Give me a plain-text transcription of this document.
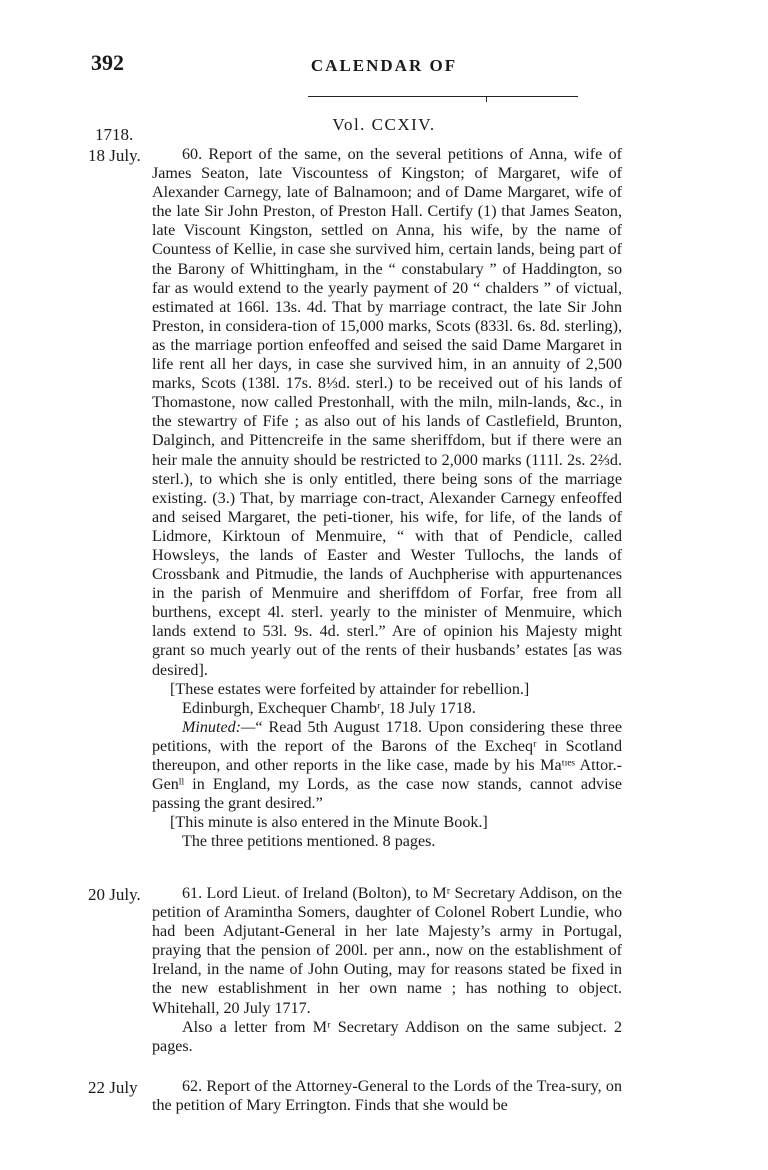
392	CALENDAR OF
Vol. CCXIV.
1718.
18 July.	60. Report of the same, on the several petitions of Anna, wife of James Seaton, late Viscountess of Kingston; of Margaret, wife of Alexander Carnegy, late of Balnamoon; and of Dame Margaret, wife of the late Sir John Preston, of Preston Hall. Certify (1) that James Seaton, late Viscount Kingston, settled on Anna, his wife, by the name of Countess of Kellie, in case she survived him, certain lands, being part of the Barony of Whittingham, in the “ constabulary ” of Haddington, so far as would extend to the yearly payment of 20 “ chalders ” of victual, estimated at 166l. 13s. 4d. That by marriage contract, the late Sir John Preston, in considera-tion of 15,000 marks, Scots (833l. 6s. 8d. sterling), as the marriage portion enfeoffed and seised the said Dame Margaret in life rent all her days, in case she survived him, in an annuity of 2,500 marks, Scots (138l. 17s. 8⅓d. sterl.) to be received out of his lands of Thomastone, now called Prestonhall, with the miln, miln-lands, &c., in the stewartry of Fife ; as also out of his lands of Castlefield, Brunton, Dalginch, and Pittencreife in the same sheriffdom, but if there were an heir male the annuity should be restricted to 2,000 marks (111l. 2s. 2⅔d. sterl.), to which she is only entitled, there being sons of the marriage existing. (3.) That, by marriage con-tract, Alexander Carnegy enfeoffed and seised Margaret, the peti-tioner, his wife, for life, of the lands of Lidmore, Kirktoun of Menmuire, “ with that of Pendicle, called Howsleys, the lands of Easter and Wester Tullochs, the lands of Crossbank and Pitmudie, the lands of Auchpherise with appurtenances in the parish of Menmuire and sheriffdom of Forfar, free from all burthens, except 4l. sterl. yearly to the minister of Menmuire, which lands extend to 53l. 9s. 4d. sterl.” Are of opinion his Majesty might grant so much yearly out of the rents of their husbands’ estates [as was desired].

[These estates were forfeited by attainder for rebellion.]

Edinburgh, Exchequer Chambʳ, 18 July 1718.

Minuted:—“ Read 5th August 1718. Upon considering these three petitions, with the report of the Barons of the Excheqʳ in Scotland thereupon, and other reports in the like case, made by his Maᵗᶦᵉˢ Attor.-Genˡˡ in England, my Lords, as the case now stands, cannot advise passing the grant desired.”

[This minute is also entered in the Minute Book.]

The three petitions mentioned. 8 pages.

20 July.	61. Lord Lieut. of Ireland (Bolton), to Mʳ Secretary Addison, on the petition of Aramintha Somers, daughter of Colonel Robert Lundie, who had been Adjutant-General in her late Majesty’s army in Portugal, praying that the pension of 200l. per ann., now on the establishment of Ireland, in the name of John Outing, may for reasons stated be fixed in the new establishment in her own name ; has nothing to object. Whitehall, 20 July 1717.

Also a letter from Mʳ Secretary Addison on the same subject. 2 pages.

22 July	62. Report of the Attorney-General to the Lords of the Trea-sury, on the petition of Mary Errington. Finds that she would be
